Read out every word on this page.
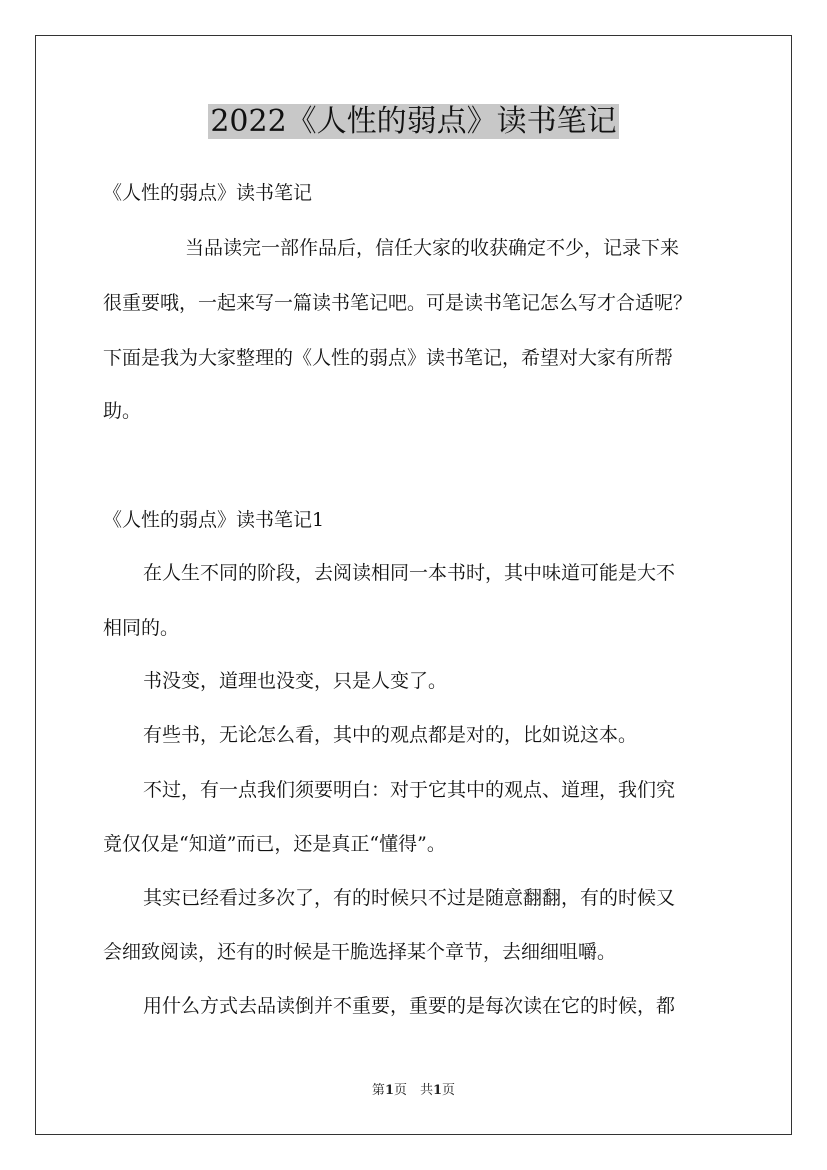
2022《人性的弱点》读书笔记

《人性的弱点》读书笔记

当品读完一部作品后，信任大家的收获确定不少，记录下来

很重要哦，一起来写一篇读书笔记吧。可是读书笔记怎么写才合适呢？

下面是我为大家整理的《人性的弱点》读书笔记，希望对大家有所帮

助。

《人性的弱点》读书笔记1

在人生不同的阶段，去阅读相同一本书时，其中味道可能是大不

相同的。

书没变，道理也没变，只是人变了。

有些书，无论怎么看，其中的观点都是对的，比如说这本。

不过，有一点我们须要明白：对于它其中的观点、道理，我们究

竟仅仅是“知道”而已，还是真正“懂得”。

其实已经看过多次了，有的时候只不过是随意翻翻，有的时候又

会细致阅读，还有的时候是干脆选择某个章节，去细细咀嚼。

用什么方式去品读倒并不重要，重要的是每次读在它的时候，都

第1页　共1页
